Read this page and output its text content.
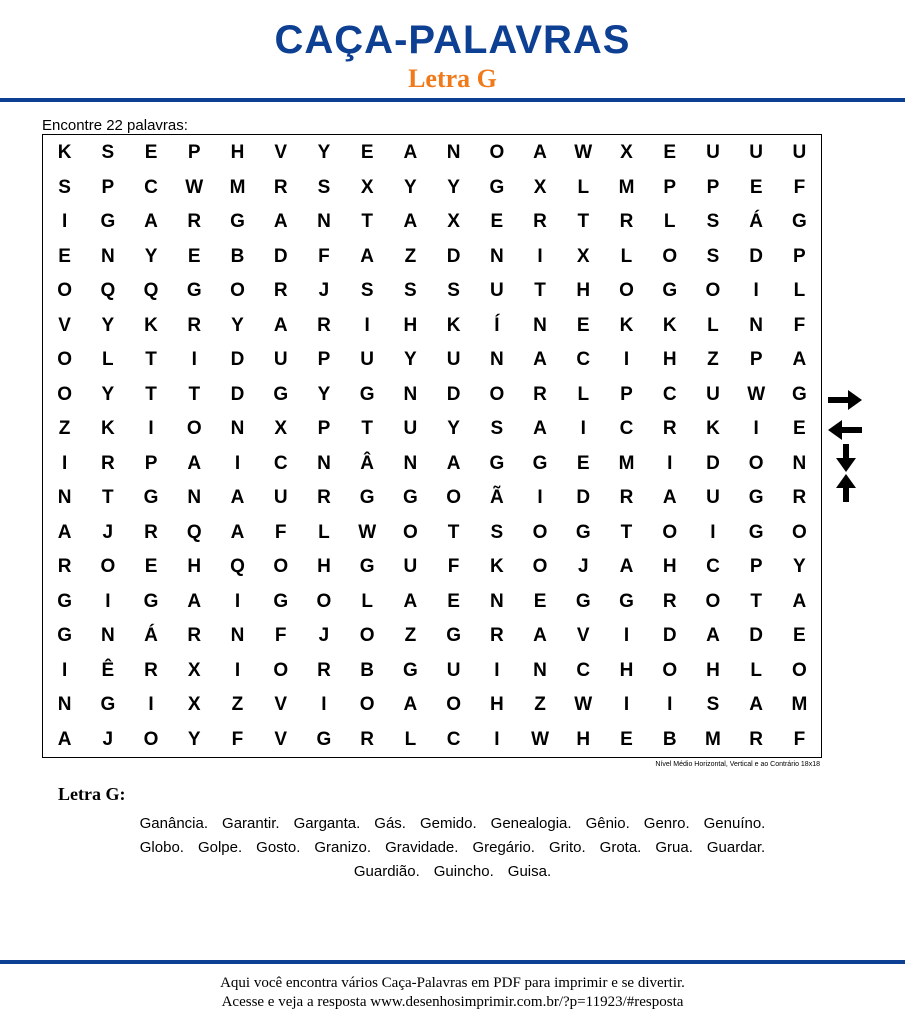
CAÇA-PALAVRAS
Letra G
Encontre 22 palavras:
K	S	E	P	H	V	Y	E	A	N	O	A	W	X	E	U	U	U
S	P	C	W	M	R	S	X	Y	Y	G	X	L	M	P	P	E	F
I	G	A	R	G	A	N	T	A	X	E	R	T	R	L	S	Á	G
E	N	Y	E	B	D	F	A	Z	D	N	I	X	L	O	S	D	P
O	Q	Q	G	O	R	J	S	S	S	U	T	H	O	G	O	I	L
V	Y	K	R	Y	A	R	I	H	K	Í	N	E	K	K	L	N	F
O	L	T	I	D	U	P	U	Y	U	N	A	C	I	H	Z	P	A
O	Y	T	T	D	G	Y	G	N	D	O	R	L	P	C	U	W	G
Z	K	I	O	N	X	P	T	U	Y	S	A	I	C	R	K	I	E
I	R	P	A	I	C	N	Â	N	A	G	G	E	M	I	D	O	N
N	T	G	N	A	U	R	G	G	O	Ã	I	D	R	A	U	G	R
A	J	R	Q	A	F	L	W	O	T	S	O	G	T	O	I	G	O
R	O	E	H	Q	O	H	G	U	F	K	O	J	A	H	C	P	Y
G	I	G	A	I	G	O	L	A	E	N	E	G	G	R	O	T	A
G	N	Á	R	N	F	J	O	Z	G	R	A	V	I	D	A	D	E
I	Ê	R	X	I	O	R	B	G	U	I	N	C	H	O	H	L	O
N	G	I	X	Z	V	I	O	A	O	H	Z	W	I	I	S	A	M
A	J	O	Y	F	V	G	R	L	C	I	W	H	E	B	M	R	F
Nível Médio Horizontal, Vertical e ao Contrário 18x18
Letra G:
Ganância. Garantir. Garganta. Gás. Gemido. Genealogia. Gênio. Genro. Genuíno.
Globo. Golpe. Gosto. Granizo. Gravidade. Gregário. Grito. Grota. Grua. Guardar.
Guardião. Guincho. Guisa.
Aqui você encontra vários Caça-Palavras em PDF para imprimir e se divertir.
Acesse e veja a resposta www.desenhosimprimir.com.br/?p=11923/#resposta
